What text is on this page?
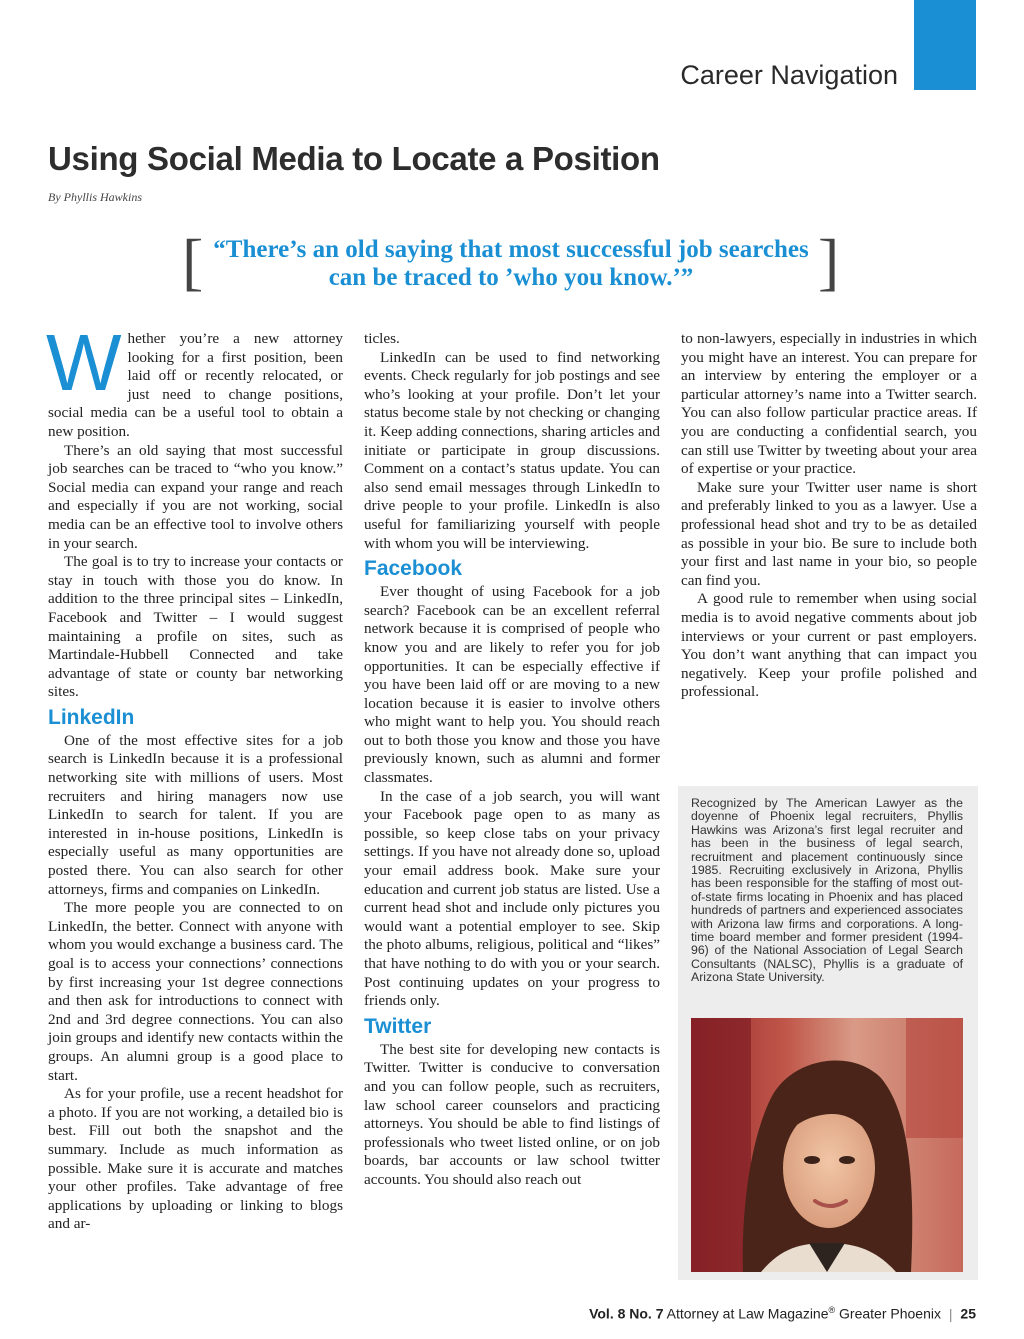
Career Navigation
Using Social Media to Locate a Position
By Phyllis Hawkins
[ “There’s an old saying that most successful job searches can be traced to ’who you know.’”	]

Whether you’re a new attorney looking for a first position, been laid off or recently relocated, or just need to change positions, social media can be a useful tool to obtain a new position.

There’s an old saying that most successful job searches can be traced to “who you know.” Social media can expand your range and reach and especially if you are not working, social media can be an effective tool to involve others in your search.

The goal is to try to increase your contacts or stay in touch with those you do know. In addition to the three principal sites – LinkedIn, Facebook and Twitter – I would suggest maintaining a profile on sites, such as Martindale-Hubbell Connected and take advantage of state or county bar networking sites.

LinkedIn

One of the most effective sites for a job search is LinkedIn because it is a professional networking site with millions of users. Most recruiters and hiring managers now use LinkedIn to search for talent. If you are interested in in-house positions, LinkedIn is especially useful as many opportunities are posted there. You can also search for other attorneys, firms and companies on LinkedIn.

The more people you are connected to on LinkedIn, the better. Connect with anyone with whom you would exchange a business card. The goal is to access your connections’ connections by first increasing your 1st degree connections and then ask for introductions to connect with 2nd and 3rd degree connections. You can also join groups and identify new contacts within the groups. An alumni group is a good place to start.

As for your profile, use a recent headshot for a photo. If you are not working, a detailed bio is best. Fill out both the snapshot and the summary. Include as much information as possible. Make sure it is accurate and matches your other profiles. Take advantage of free applications by uploading or linking to blogs and ar-

ticles.

LinkedIn can be used to find networking events. Check regularly for job postings and see who’s looking at your profile. Don’t let your status become stale by not checking or changing it. Keep adding connections, sharing articles and initiate or participate in group discussions. Comment on a contact’s status update. You can also send email messages through LinkedIn to drive people to your profile. LinkedIn is also useful for familiarizing yourself with people with whom you will be interviewing.

Facebook

Ever thought of using Facebook for a job search? Facebook can be an excellent referral network because it is comprised of people who know you and are likely to refer you for job opportunities. It can be especially effective if you have been laid off or are moving to a new location because it is easier to involve others who might want to help you. You should reach out to both those you know and those you have previously known, such as alumni and former classmates.

In the case of a job search, you will want your Facebook page open to as many as possible, so keep close tabs on your privacy settings. If you have not already done so, upload your email address book. Make sure your education and current job status are listed. Use a current head shot and include only pictures you would want a potential employer to see. Skip the photo albums, religious, political and “likes” that have nothing to do with you or your search. Post continuing updates on your progress to friends only.

Twitter

The best site for developing new contacts is Twitter. Twitter is conducive to conversation and you can follow people, such as recruiters, law school career counselors and practicing attorneys. You should be able to find listings of professionals who tweet listed online, or on job boards, bar accounts or law school twitter accounts. You should also reach out

to non-lawyers, especially in industries in which you might have an interest. You can prepare for an interview by entering the employer or a particular attorney’s name into a Twitter search. You can also follow particular practice areas. If you are conducting a confidential search, you can still use Twitter by tweeting about your area of expertise or your practice.

Make sure your Twitter user name is short and preferably linked to you as a lawyer. Use a professional head shot and try to be as detailed as possible in your bio. Be sure to include both your first and last name in your bio, so people can find you.

A good rule to remember when using social media is to avoid negative comments about job interviews or your current or past employers. You don’t want anything that can impact you negatively. Keep your profile polished and professional.

Recognized by The American Lawyer as the doyenne of Phoenix legal recruiters, Phyllis Hawkins was Arizona’s first legal recruiter and has been in the business of legal search, recruitment and placement continuously since 1985. Recruiting exclusively in Arizona, Phyllis has been responsible for the staffing of most out-of-state firms locating in Phoenix and has placed hundreds of partners and experienced associates with Arizona law firms and corporations. A long-time board member and former president (1994-96) of the National Association of Legal Search Consultants (NALSC), Phyllis is a graduate of Arizona State University.

Vol. 8 No. 7 Attorney at Law Magazine® Greater Phoenix | 25
